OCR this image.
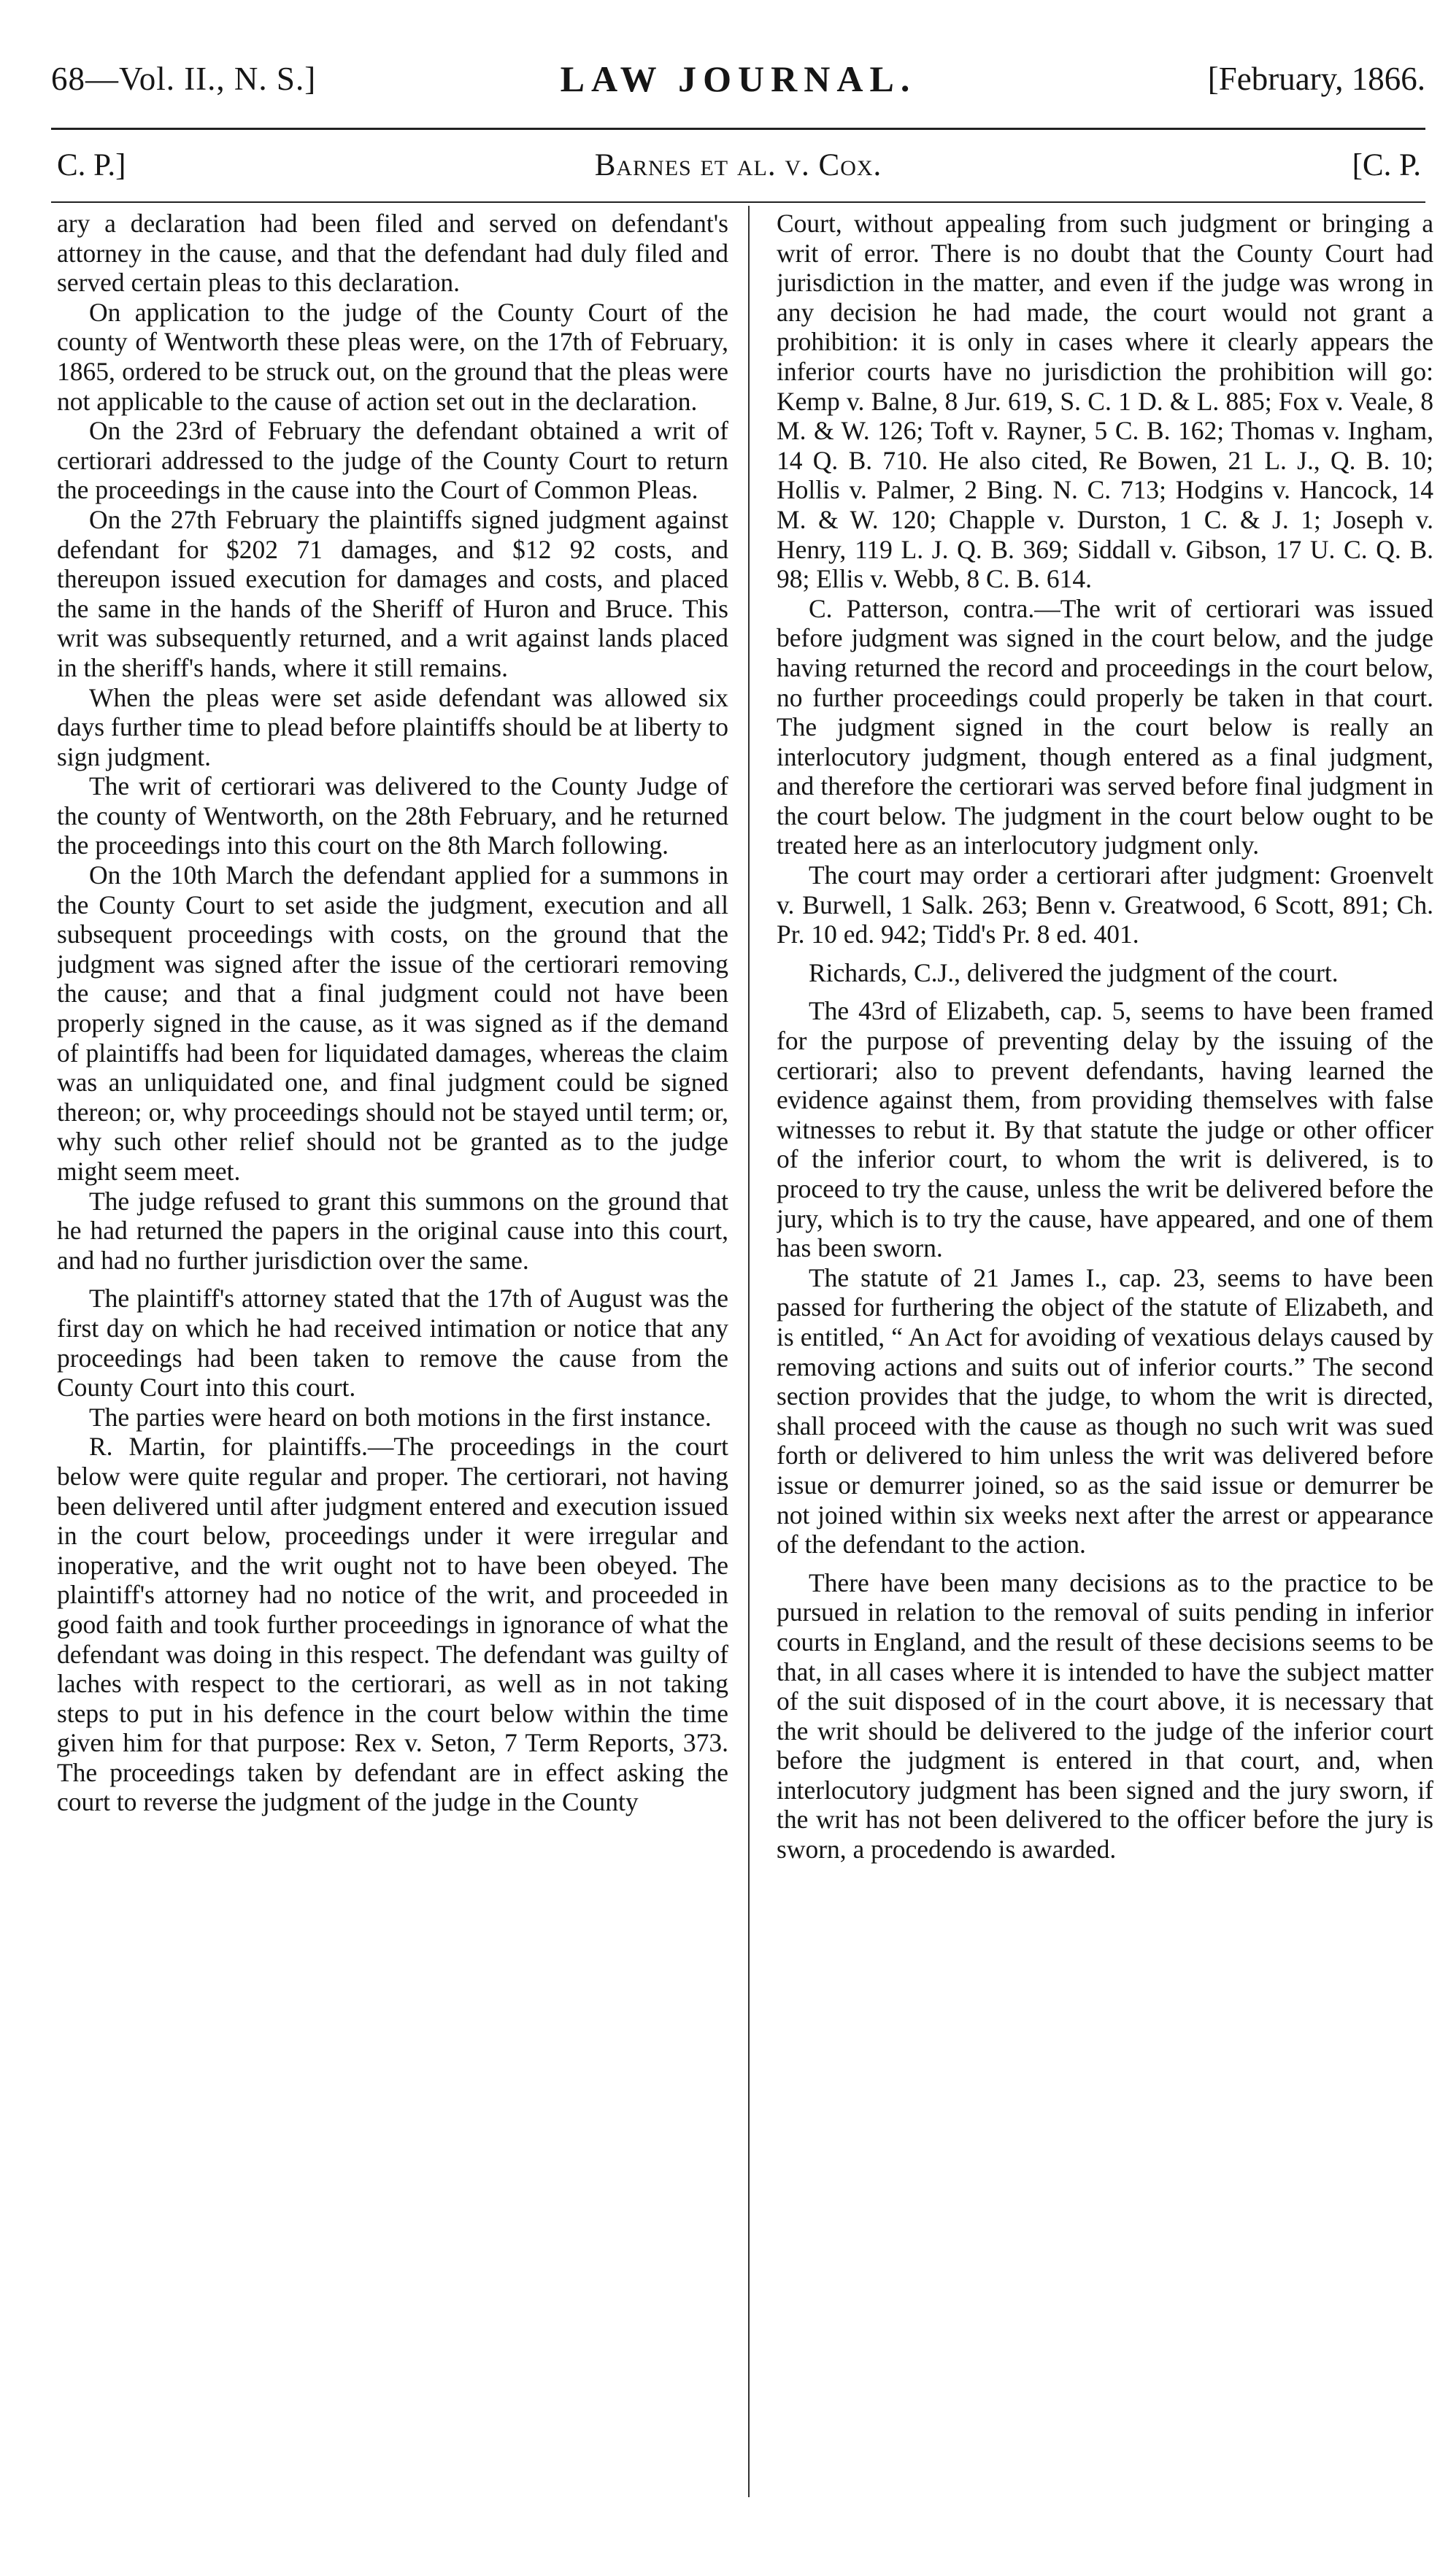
68—Vol. II., N. S.]	LAW JOURNAL.	[February, 1866.
C. P.]	Barnes et al. v. Cox.	[C. P.

ary a declaration had been filed and served on defendant's attorney in the cause, and that the defendant had duly filed and served certain pleas to this declaration.

On application to the judge of the County Court of the county of Wentworth these pleas were, on the 17th of February, 1865, ordered to be struck out, on the ground that the pleas were not applicable to the cause of action set out in the declaration.

On the 23rd of February the defendant obtained a writ of certiorari addressed to the judge of the County Court to return the proceedings in the cause into the Court of Common Pleas.

On the 27th February the plaintiffs signed judgment against defendant for $202 71 damages, and $12 92 costs, and thereupon issued execution for damages and costs, and placed the same in the hands of the Sheriff of Huron and Bruce. This writ was subsequently returned, and a writ against lands placed in the sheriff's hands, where it still remains.

When the pleas were set aside defendant was allowed six days further time to plead before plaintiffs should be at liberty to sign judgment.

The writ of certiorari was delivered to the County Judge of the county of Wentworth, on the 28th February, and he returned the proceedings into this court on the 8th March following.

On the 10th March the defendant applied for a summons in the County Court to set aside the judgment, execution and all subsequent proceedings with costs, on the ground that the judgment was signed after the issue of the certiorari removing the cause; and that a final judgment could not have been properly signed in the cause, as it was signed as if the demand of plaintiffs had been for liquidated damages, whereas the claim was an unliquidated one, and final judgment could be signed thereon; or, why proceedings should not be stayed until term; or, why such other relief should not be granted as to the judge might seem meet.

The judge refused to grant this summons on the ground that he had returned the papers in the original cause into this court, and had no further jurisdiction over the same.

The plaintiff's attorney stated that the 17th of August was the first day on which he had received intimation or notice that any proceedings had been taken to remove the cause from the County Court into this court.

The parties were heard on both motions in the first instance.

R. Martin, for plaintiffs.—The proceedings in the court below were quite regular and proper. The certiorari, not having been delivered until after judgment entered and execution issued in the court below, proceedings under it were irregular and inoperative, and the writ ought not to have been obeyed. The plaintiff's attorney had no notice of the writ, and proceeded in good faith and took further proceedings in ignorance of what the defendant was doing in this respect. The defendant was guilty of laches with respect to the certiorari, as well as in not taking steps to put in his defence in the court below within the time given him for that purpose: Rex v. Seton, 7 Term Reports, 373. The proceedings taken by defendant are in effect asking the court to reverse the judgment of the judge in the County

Court, without appealing from such judgment or bringing a writ of error. There is no doubt that the County Court had jurisdiction in the matter, and even if the judge was wrong in any decision he had made, the court would not grant a prohibition: it is only in cases where it clearly appears the inferior courts have no jurisdiction the prohibition will go: Kemp v. Balne, 8 Jur. 619, S. C. 1 D. & L. 885; Fox v. Veale, 8 M. & W. 126; Toft v. Rayner, 5 C. B. 162; Thomas v. Ingham, 14 Q. B. 710. He also cited, Re Bowen, 21 L. J., Q. B. 10; Hollis v. Palmer, 2 Bing. N. C. 713; Hodgins v. Hancock, 14 M. & W. 120; Chapple v. Durston, 1 C. & J. 1; Joseph v. Henry, 119 L. J. Q. B. 369; Siddall v. Gibson, 17 U. C. Q. B. 98; Ellis v. Webb, 8 C. B. 614.

C. Patterson, contra.—The writ of certiorari was issued before judgment was signed in the court below, and the judge having returned the record and proceedings in the court below, no further proceedings could properly be taken in that court. The judgment signed in the court below is really an interlocutory judgment, though entered as a final judgment, and therefore the certiorari was served before final judgment in the court below. The judgment in the court below ought to be treated here as an interlocutory judgment only.

The court may order a certiorari after judgment: Groenvelt v. Burwell, 1 Salk. 263; Benn v. Greatwood, 6 Scott, 891; Ch. Pr. 10 ed. 942; Tidd's Pr. 8 ed. 401.

Richards, C.J., delivered the judgment of the court.

The 43rd of Elizabeth, cap. 5, seems to have been framed for the purpose of preventing delay by the issuing of the certiorari; also to prevent defendants, having learned the evidence against them, from providing themselves with false witnesses to rebut it. By that statute the judge or other officer of the inferior court, to whom the writ is delivered, is to proceed to try the cause, unless the writ be delivered before the jury, which is to try the cause, have appeared, and one of them has been sworn.

The statute of 21 James I., cap. 23, seems to have been passed for furthering the object of the statute of Elizabeth, and is entitled, “ An Act for avoiding of vexatious delays caused by removing actions and suits out of inferior courts.” The second section provides that the judge, to whom the writ is directed, shall proceed with the cause as though no such writ was sued forth or delivered to him unless the writ was delivered before issue or demurrer joined, so as the said issue or demurrer be not joined within six weeks next after the arrest or appearance of the defendant to the action.

There have been many decisions as to the practice to be pursued in relation to the removal of suits pending in inferior courts in England, and the result of these decisions seems to be that, in all cases where it is intended to have the subject matter of the suit disposed of in the court above, it is necessary that the writ should be delivered to the judge of the inferior court before the judgment is entered in that court, and, when interlocutory judgment has been signed and the jury sworn, if the writ has not been delivered to the officer before the jury is sworn, a procedendo is awarded.
